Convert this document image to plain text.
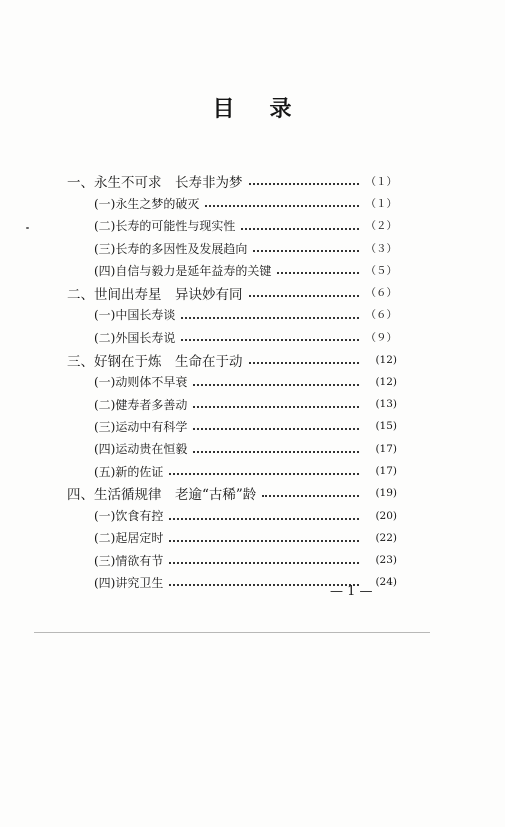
目 录
一、永生不可求　长寿非为梦	（１）
(一)永生之梦的破灭	（１）
(二)长寿的可能性与现实性	（２）
(三)长寿的多因性及发展趋向	（３）
(四)自信与毅力是延年益寿的关键	（５）
二、世间出寿星　异诀妙有同	（６）
(一)中国长寿谈	（６）
(二)外国长寿说	（９）
三、好钢在于炼　生命在于动	(12)
(一)动则体不早衰	(12)
(二)健寿者多善动	(13)
(三)运动中有科学	(15)
(四)运动贵在恒毅	(17)
(五)新的佐证	(17)
四、生活循规律　老逾“古稀”龄	(19)
(一)饮食有控	(20)
(二)起居定时	(22)
(三)情欲有节	(23)
(四)讲究卫生	(24)
— 1 —
